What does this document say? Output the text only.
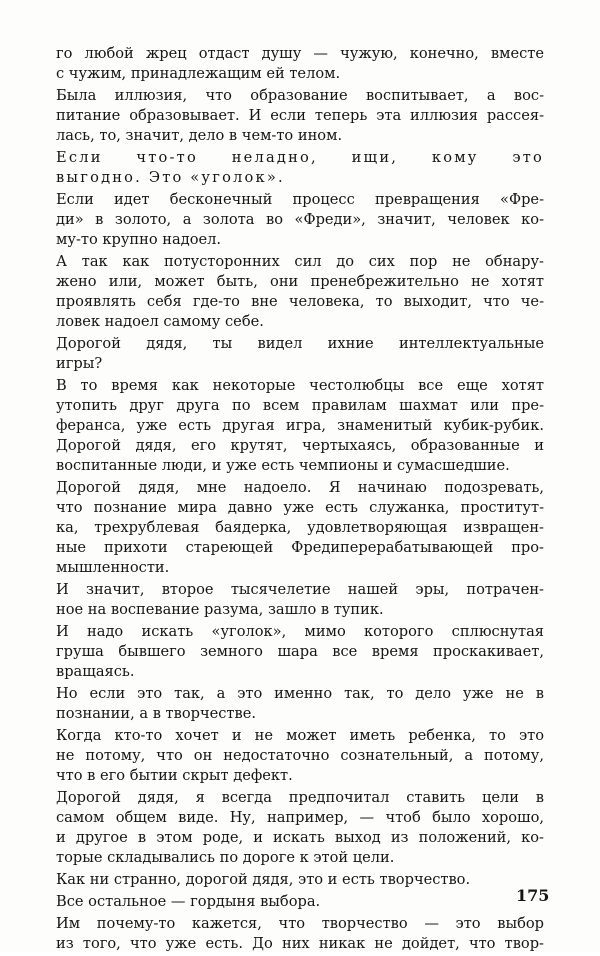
го любой жрец отдаст душу — чужую, конечно, вместе
с чужим, принадлежащим ей телом.
Была иллюзия, что образование воспитывает, а вос-
питание образовывает. И если теперь эта иллюзия рассея-
лась, то, значит, дело в чем-то ином.
Если что-то неладно, ищи, кому это
выгодно. Это «уголок».
Если идет бесконечный процесс превращения «Фре-
ди» в золото, а золота во «Фреди», значит, человек ко-
му-то крупно надоел.
А так как потусторонних сил до сих пор не обнару-
жено или, может быть, они пренебрежительно не хотят
проявлять себя где-то вне человека, то выходит, что че-
ловек надоел самому себе.
Дорогой дядя, ты видел ихние интеллектуальные
игры?
В то время как некоторые честолюбцы все еще хотят
утопить друг друга по всем правилам шахмат или пре-
феранса, уже есть другая игра, знаменитый кубик-рубик.
Дорогой дядя, его крутят, чертыхаясь, образованные и
воспитанные люди, и уже есть чемпионы и сумасшедшие.
Дорогой дядя, мне надоело. Я начинаю подозревать,
что познание мира давно уже есть служанка, проститут-
ка, трехрублевая баядерка, удовлетворяющая извращен-
ные прихоти стареющей Фредиперерабатывающей про-
мышленности.
И значит, второе тысячелетие нашей эры, потрачен-
ное на воспевание разума, зашло в тупик.
И надо искать «уголок», мимо которого сплюснутая
груша бывшего земного шара все время проскакивает,
вращаясь.
Но если это так, а это именно так, то дело уже не в
познании, а в творчестве.
Когда кто-то хочет и не может иметь ребенка, то это
не потому, что он недостаточно сознательный, а потому,
что в его бытии скрыт дефект.
Дорогой дядя, я всегда предпочитал ставить цели в
самом общем виде. Ну, например, — чтоб было хорошо,
и другое в этом роде, и искать выход из положений, ко-
торые складывались по дороге к этой цели.
Как ни странно, дорогой дядя, это и есть творчество.
Все остальное — гордыня выбора.
Им почему-то кажется, что творчество — это выбор
из того, что уже есть. До них никак не дойдет, что твор-
175
